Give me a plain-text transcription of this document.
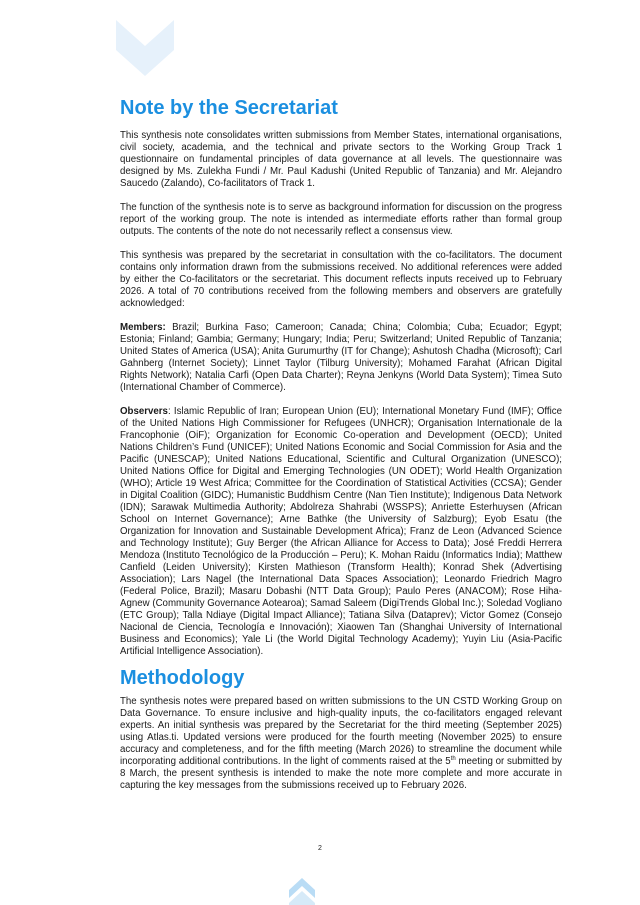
Note by the Secretariat

This synthesis note consolidates written submissions from Member States, international organisations, civil society, academia, and the technical and private sectors to the Working Group Track 1 questionnaire on fundamental principles of data governance at all levels. The questionnaire was designed by Ms. Zulekha Fundi / Mr. Paul Kadushi (United Republic of Tanzania) and Mr. Alejandro Saucedo (Zalando), Co-facilitators of Track 1.

The function of the synthesis note is to serve as background information for discussion on the progress report of the working group. The note is intended as intermediate efforts rather than formal group outputs. The contents of the note do not necessarily reflect a consensus view.

This synthesis was prepared by the secretariat in consultation with the co-facilitators. The document contains only information drawn from the submissions received. No additional references were added by either the Co-facilitators or the secretariat. This document reflects inputs received up to February 2026. A total of 70 contributions received from the following members and observers are gratefully acknowledged:

Members: Brazil; Burkina Faso; Cameroon; Canada; China; Colombia; Cuba; Ecuador; Egypt; Estonia; Finland; Gambia; Germany; Hungary; India; Peru; Switzerland; United Republic of Tanzania; United States of America (USA); Anita Gurumurthy (IT for Change); Ashutosh Chadha (Microsoft); Carl Gahnberg (Internet Society); Linnet Taylor (Tilburg University); Mohamed Farahat (African Digital Rights Network); Natalia Carfi (Open Data Charter); Reyna Jenkyns (World Data System); Timea Suto (International Chamber of Commerce).

Observers: Islamic Republic of Iran; European Union (EU); International Monetary Fund (IMF); Office of the United Nations High Commissioner for Refugees (UNHCR); Organisation Internationale de la Francophonie (OiF); Organization for Economic Co-operation and Development (OECD); United Nations Children’s Fund (UNICEF); United Nations Economic and Social Commission for Asia and the Pacific (UNESCAP); United Nations Educational, Scientific and Cultural Organization (UNESCO); United Nations Office for Digital and Emerging Technologies (UN ODET); World Health Organization (WHO); Article 19 West Africa; Committee for the Coordination of Statistical Activities (CCSA); Gender in Digital Coalition (GIDC); Humanistic Buddhism Centre (Nan Tien Institute); Indigenous Data Network (IDN); Sarawak Multimedia Authority; Abdolreza Shahrabi (WSSPS); Anriette Esterhuysen (African School on Internet Governance); Arne Bathke (the University of Salzburg); Eyob Esatu (the Organization for Innovation and Sustainable Development Africa); Franz de Leon (Advanced Science and Technology Institute); Guy Berger (the African Alliance for Access to Data); José Freddi Herrera Mendoza (Instituto Tecnológico de la Producción – Peru); K. Mohan Raidu (Informatics India); Matthew Canfield (Leiden University); Kirsten Mathieson (Transform Health); Konrad Shek (Advertising Association); Lars Nagel (the International Data Spaces Association); Leonardo Friedrich Magro (Federal Police, Brazil); Masaru Dobashi (NTT Data Group); Paulo Peres (ANACOM); Rose Hiha-Agnew (Community Governance Aotearoa); Samad Saleem (DigiTrends Global Inc.); Soledad Vogliano (ETC Group); Talla Ndiaye (Digital Impact Alliance); Tatiana Silva (Dataprev); Victor Gomez (Consejo Nacional de Ciencia, Tecnología e Innovación); Xiaowen Tan (Shanghai University of International Business and Economics); Yale Li (the World Digital Technology Academy); Yuyin Liu (Asia-Pacific Artificial Intelligence Association).

Methodology

The synthesis notes were prepared based on written submissions to the UN CSTD Working Group on Data Governance. To ensure inclusive and high-quality inputs, the co-facilitators engaged relevant experts. An initial synthesis was prepared by the Secretariat for the third meeting (September 2025) using Atlas.ti. Updated versions were produced for the fourth meeting (November 2025) to ensure accuracy and completeness, and for the fifth meeting (March 2026) to streamline the document while incorporating additional contributions. In the light of comments raised at the 5th meeting or submitted by 8 March, the present synthesis is intended to make the note more complete and more accurate in capturing the key messages from the submissions received up to February 2026.

2
